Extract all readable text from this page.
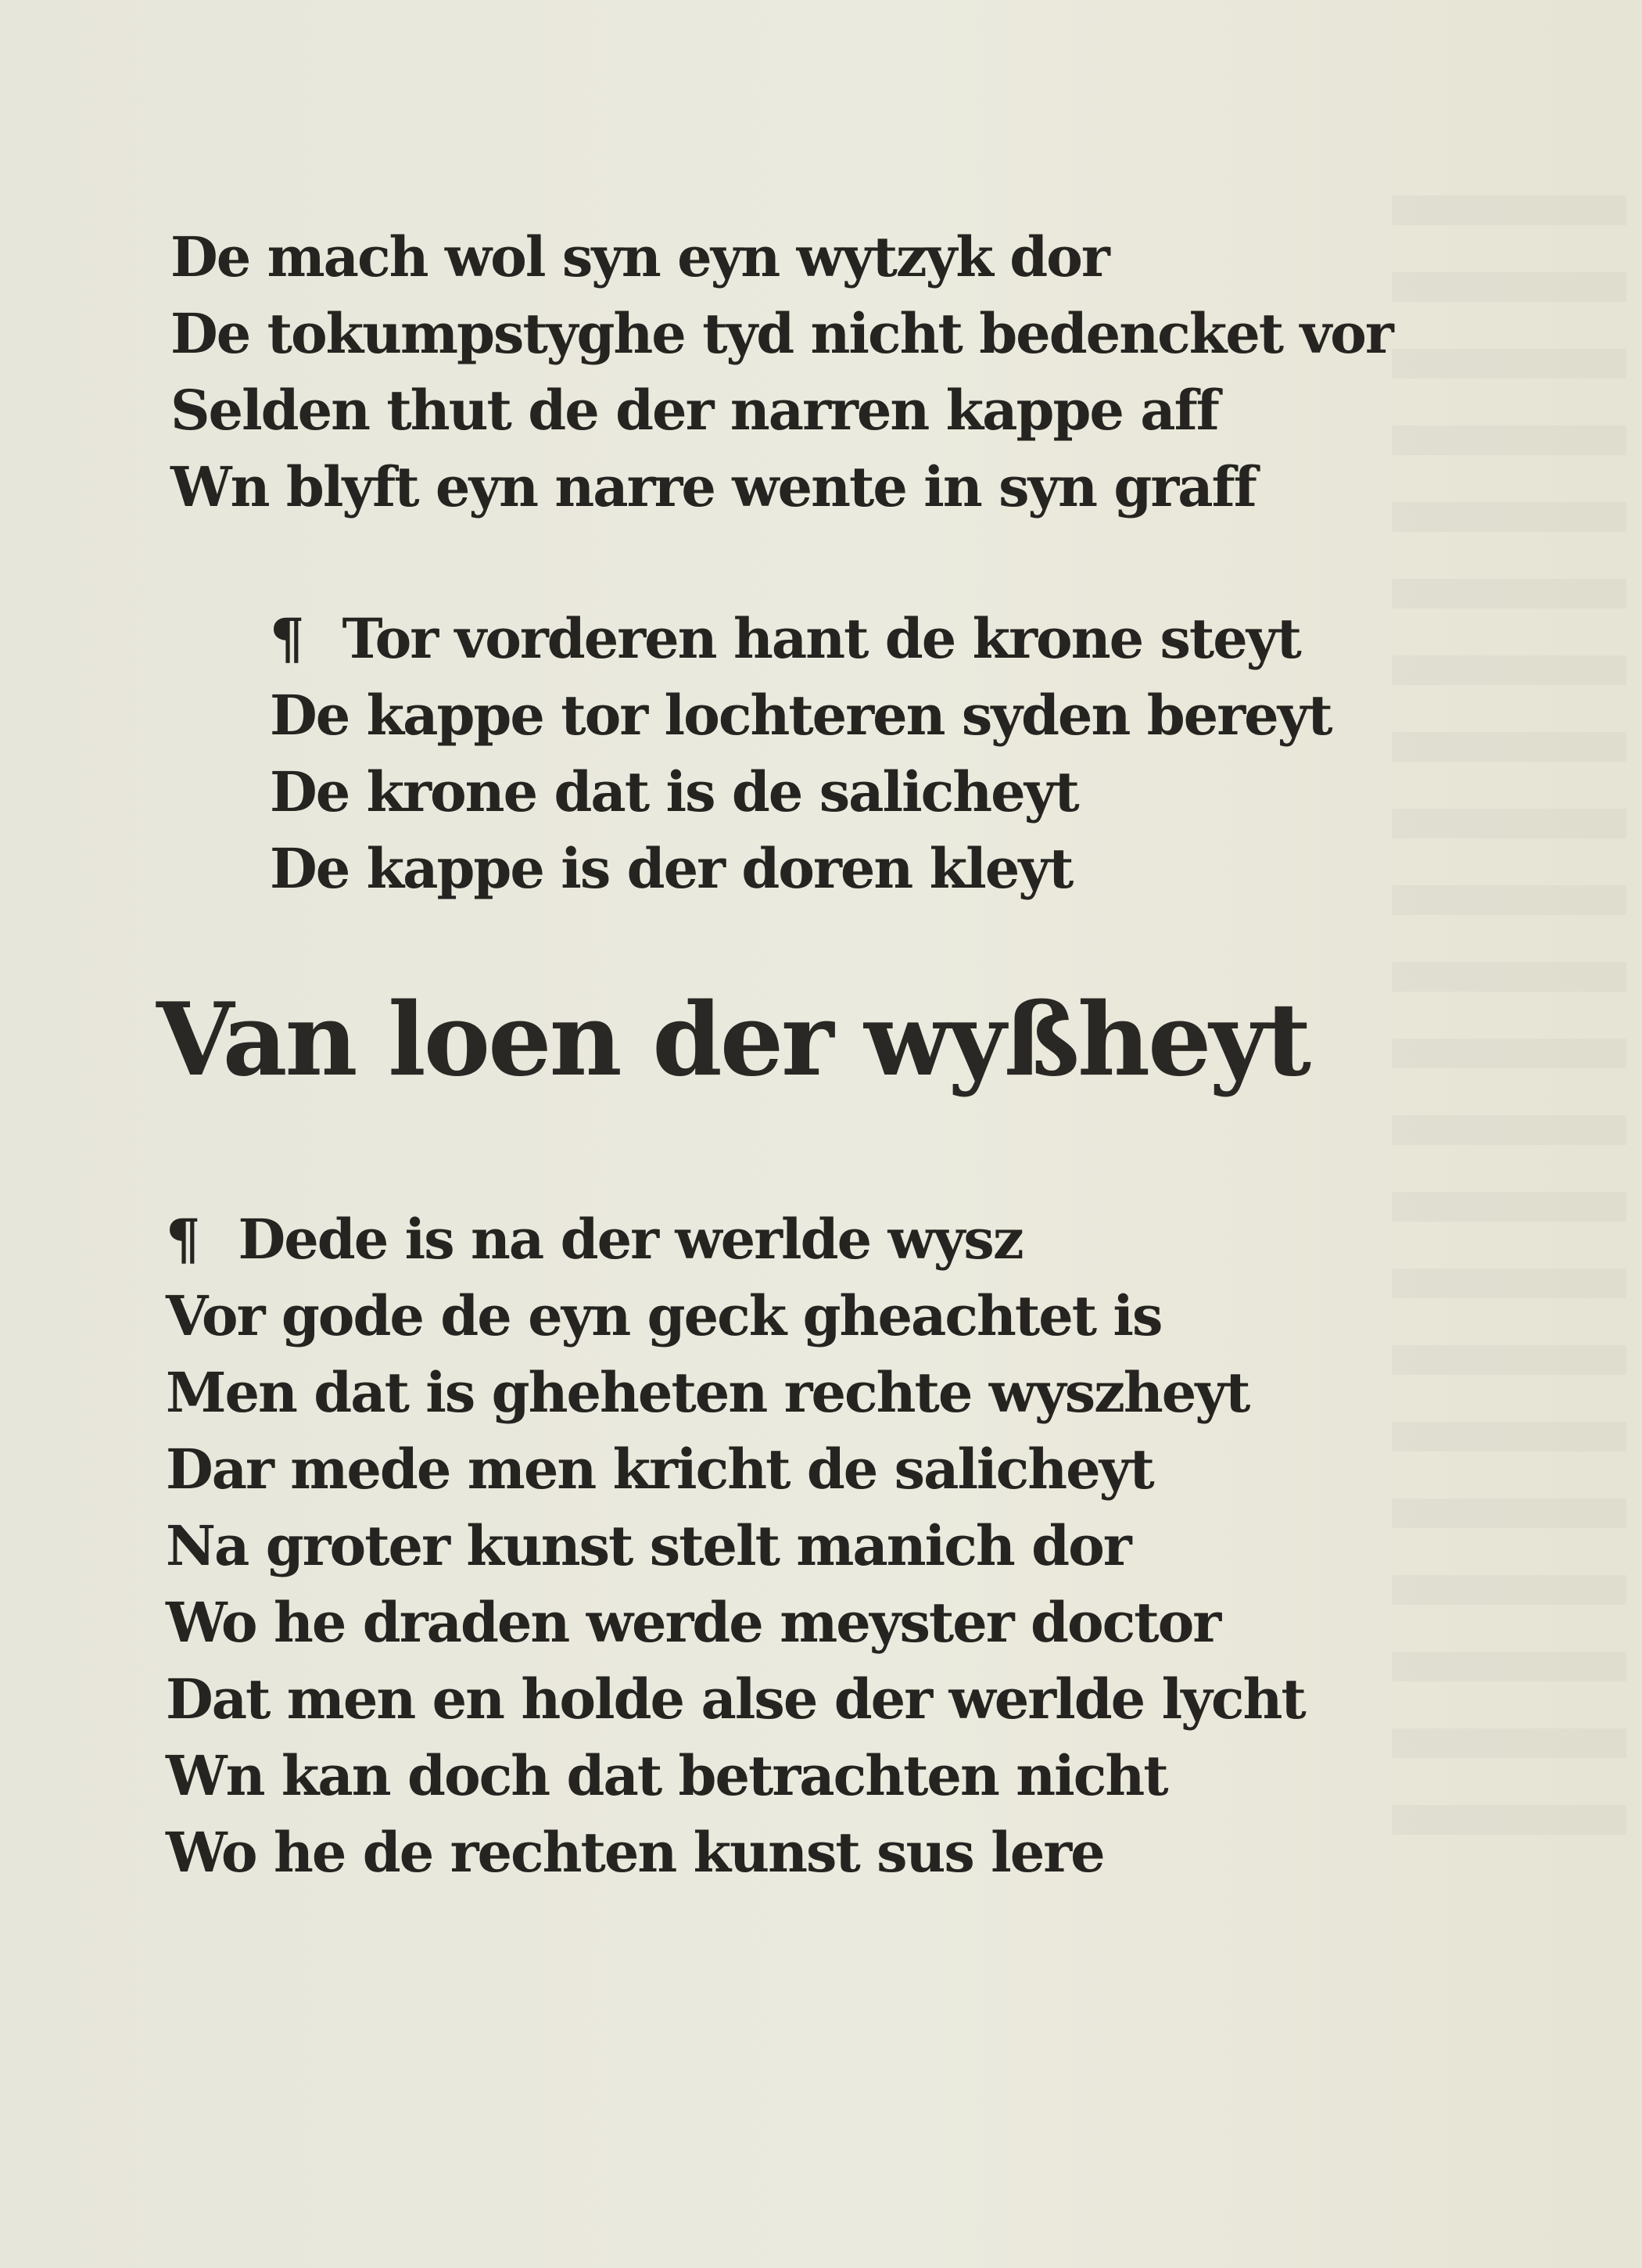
De mach wol syn eyn wytzyk dor
De tokumpstyghe tyd nicht bedencket vor
Selden thut de der narren kappe aff
Wn blyft eyn narre wente in syn graff
¶ Tor vorderen hant de krone steyt
De kappe tor lochteren syden bereyt
De krone dat is de salicheyt
De kappe is der doren kleyt
Van loen der wyßheyt
¶ Dede is na der werlde wysz
Vor gode de eyn geck gheachtet is
Men dat is gheheten rechte wyszheyt
Dar mede men kricht de salicheyt
Na groter kunst stelt manich dor
Wo he draden werde meyster doctor
Dat men en holde alse der werlde lycht
Wn kan doch dat betrachten nicht
Wo he de rechten kunst sus lere
